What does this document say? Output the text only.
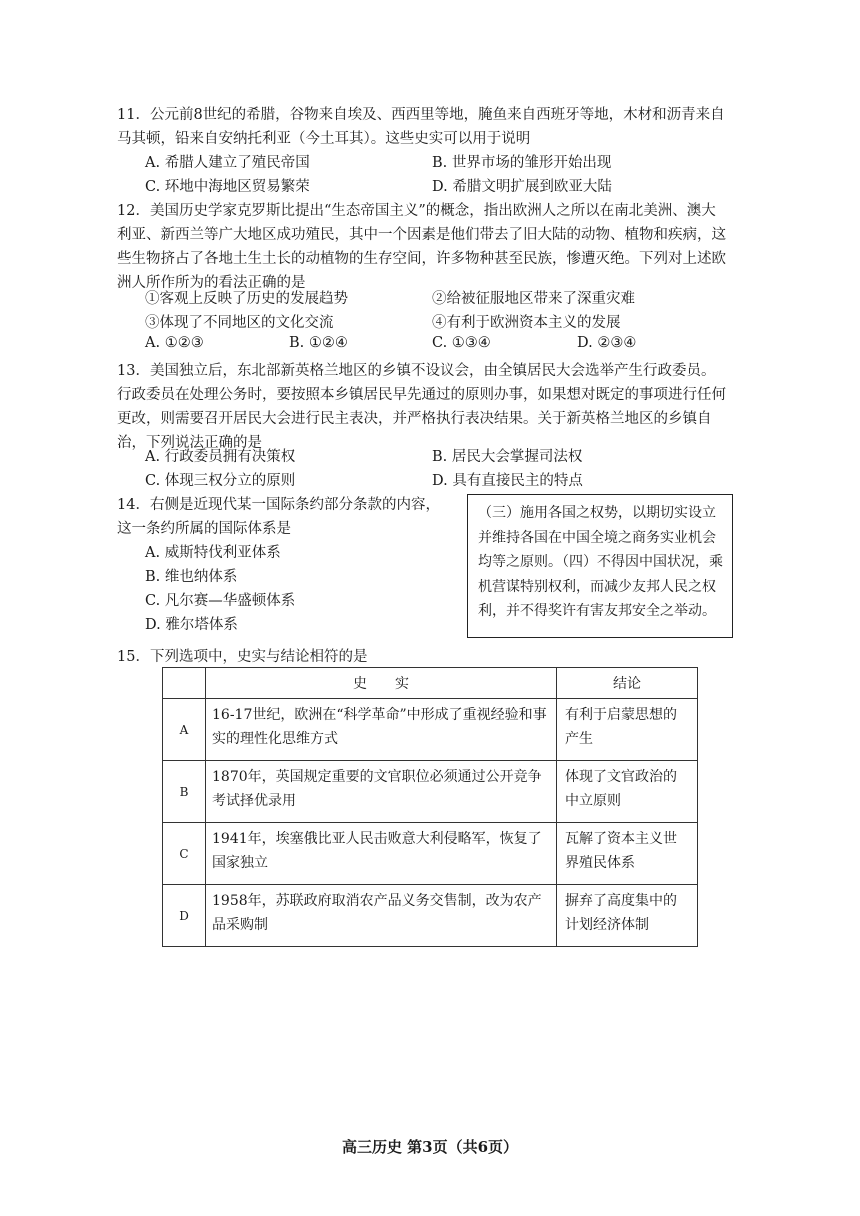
11．公元前8世纪的希腊，谷物来自埃及、西西里等地，腌鱼来自西班牙等地，木材和沥青来自马其顿，铅来自安纳托利亚（今土耳其）。这些史实可以用于说明
A. 希腊人建立了殖民帝国	B. 世界市场的雏形开始出现
C. 环地中海地区贸易繁荣	D. 希腊文明扩展到欧亚大陆
12．美国历史学家克罗斯比提出“生态帝国主义”的概念，指出欧洲人之所以在南北美洲、澳大利亚、新西兰等广大地区成功殖民，其中一个因素是他们带去了旧大陆的动物、植物和疾病，这些生物挤占了各地土生土长的动植物的生存空间，许多物种甚至民族，惨遭灭绝。下列对上述欧洲人所作所为的看法正确的是
①客观上反映了历史的发展趋势	②给被征服地区带来了深重灾难
③体现了不同地区的文化交流	④有利于欧洲资本主义的发展
A. ①②③	B. ①②④	C. ①③④	D. ②③④
13．美国独立后，东北部新英格兰地区的乡镇不设议会，由全镇居民大会选举产生行政委员。行政委员在处理公务时，要按照本乡镇居民早先通过的原则办事，如果想对既定的事项进行任何更改，则需要召开居民大会进行民主表决，并严格执行表决结果。关于新英格兰地区的乡镇自治，下列说法正确的是
A. 行政委员拥有决策权	B. 居民大会掌握司法权
C. 体现三权分立的原则	D. 具有直接民主的特点
14．右侧是近现代某一国际条约部分条款的内容，这一条约所属的国际体系是
A. 威斯特伐利亚体系
B. 维也纳体系
C. 凡尔赛—华盛顿体系
D. 雅尔塔体系
（三）施用各国之权势，以期切实设立并维持各国在中国全境之商务实业机会均等之原则。（四）不得因中国状况，乘机营谋特别权利，而减少友邦人民之权利，并不得奖许有害友邦安全之举动。
15．下列选项中，史实与结论相符的是
	史　　实	结论
A	16-17世纪，欧洲在“科学革命”中形成了重视经验和事实的理性化思维方式	有利于启蒙思想的产生
B	1870年，英国规定重要的文官职位必须通过公开竞争考试择优录用	体现了文官政治的中立原则
C	1941年，埃塞俄比亚人民击败意大利侵略军，恢复了国家独立	瓦解了资本主义世界殖民体系
D	1958年，苏联政府取消农产品义务交售制，改为农产品采购制	摒弃了高度集中的计划经济体制
高三历史 第3页（共6页）
